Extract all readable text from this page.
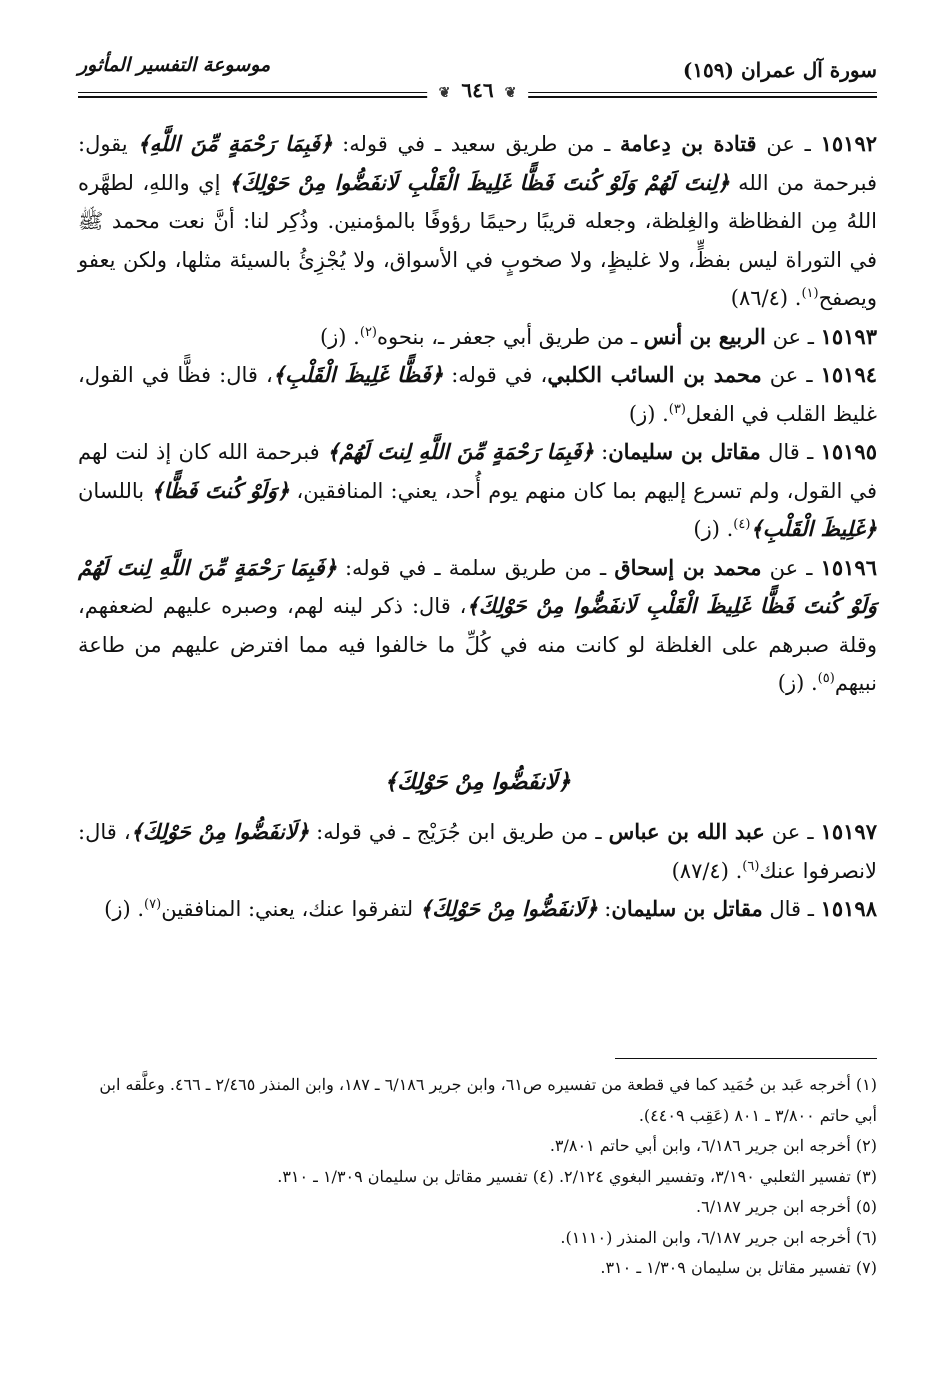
سورة آل عمران (١٥٩)
موسوعة التفسير المأثور
❦ ٦٤٦ ❦

١٥١٩٢ ـ عن قتادة بن دِعامة ـ من طريق سعيد ـ في قوله: ﴿فَبِمَا رَحْمَةٍ مِّنَ اللَّهِ﴾ يقول: فبرحمة من الله ﴿لِنتَ لَهُمْ وَلَوْ كُنتَ فَظًّا غَلِيظَ الْقَلْبِ لَانفَضُّوا مِنْ حَوْلِكَ﴾ إي واللهِ، لطهَّره اللهُ مِن الفظاظة والغِلظة، وجعله قريبًا رحيمًا رؤوفًا بالمؤمنين. وذُكِر لنا: أنَّ نعت محمد ﷺ في التوراة ليس بفظٍّ، ولا غليظٍ، ولا صخوبٍ في الأسواق، ولا يُجْزِئُ بالسيئة مثلها، ولكن يعفو ويصفح$^{(١)}$. (٨٦/٤)

١٥١٩٣ ـ عن الربيع بن أنس ـ من طريق أبي جعفر ـ، بنحوه$^{(٢)}$. (ز)

١٥١٩٤ ـ عن محمد بن السائب الكلبي، في قوله: ﴿فَظًّا غَلِيظَ الْقَلْبِ﴾، قال: فظًّا في القول، غليظ القلب في الفعل$^{(٣)}$. (ز)

١٥١٩٥ ـ قال مقاتل بن سليمان: ﴿فَبِمَا رَحْمَةٍ مِّنَ اللَّهِ لِنتَ لَهُمْ﴾ فبرحمة الله كان إذ لنت لهم في القول، ولم تسرع إليهم بما كان منهم يوم أُحد، يعني: المنافقين، ﴿وَلَوْ كُنتَ فَظًّا﴾ باللسان ﴿غَلِيظَ الْقَلْبِ﴾$^{(٤)}$. (ز)

١٥١٩٦ ـ عن محمد بن إسحاق ـ من طريق سلمة ـ في قوله: ﴿فَبِمَا رَحْمَةٍ مِّنَ اللَّهِ لِنتَ لَهُمْ وَلَوْ كُنتَ فَظًّا غَلِيظَ الْقَلْبِ لَانفَضُّوا مِنْ حَوْلِكَ﴾، قال: ذكر لينه لهم، وصبره عليهم لضعفهم، وقلة صبرهم على الغلظة لو كانت منه في كُلِّ ما خالفوا فيه مما افترض عليهم من طاعة نبيهم$^{(٥)}$. (ز)

﴿لَانفَضُّوا مِنْ حَوْلِكَ﴾

١٥١٩٧ ـ عن عبد الله بن عباس ـ من طريق ابن جُرَيْج ـ في قوله: ﴿لَانفَضُّوا مِنْ حَوْلِكَ﴾، قال: لانصرفوا عنك$^{(٦)}$. (٨٧/٤)

١٥١٩٨ ـ قال مقاتل بن سليمان: ﴿لَانفَضُّوا مِنْ حَوْلِكَ﴾ لتفرقوا عنك، يعني: المنافقين$^{(٧)}$. (ز)

(١) أخرجه عَبد بن حُمَيد كما في قطعة من تفسيره ص٦١، وابن جرير ٦/١٨٦ ـ ١٨٧، وابن المنذر ٢/٤٦٥ ـ ٤٦٦. وعلَّقه ابن أبي حاتم ٣/٨٠٠ ـ ٨٠١ (عَقِب ٤٤٠٩).

(٢) أخرجه ابن جرير ٦/١٨٦، وابن أبي حاتم ٣/٨٠١.

(٣) تفسير الثعلبي ٣/١٩٠، وتفسير البغوي ٢/١٢٤. (٤) تفسير مقاتل بن سليمان ١/٣٠٩ ـ ٣١٠.

(٥) أخرجه ابن جرير ٦/١٨٧.

(٦) أخرجه ابن جرير ٦/١٨٧، وابن المنذر (١١١٠).

(٧) تفسير مقاتل بن سليمان ١/٣٠٩ ـ ٣١٠.
